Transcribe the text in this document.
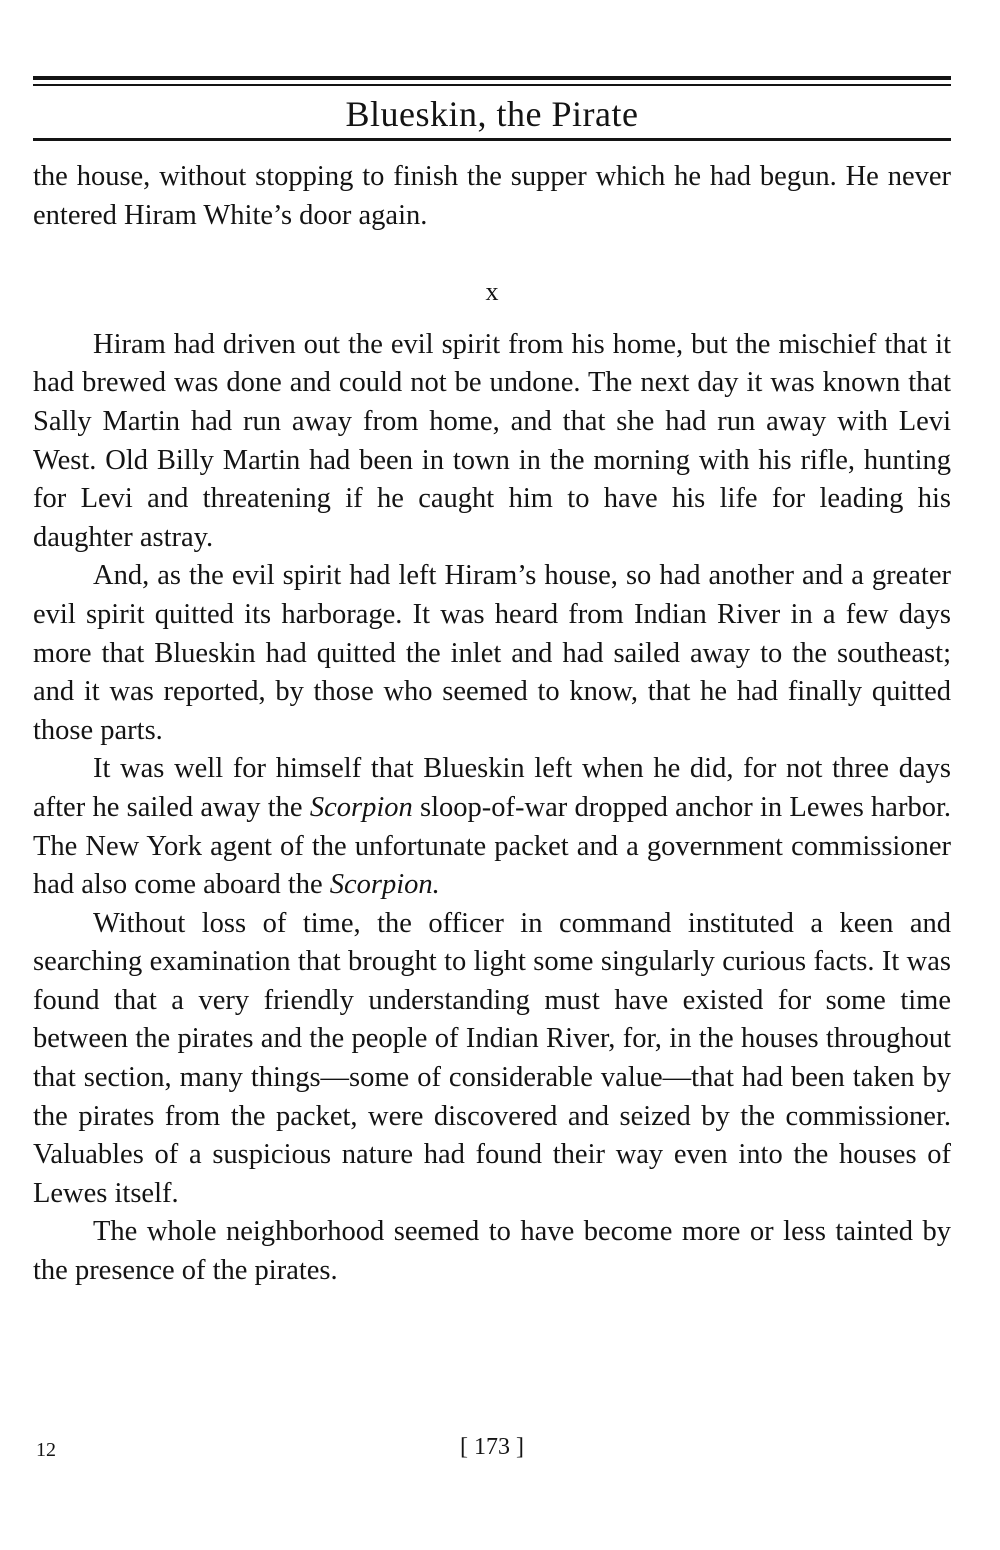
Blueskin, the Pirate

the house, without stopping to finish the supper which he had begun. He never entered Hiram White’s door again.

x

Hiram had driven out the evil spirit from his home, but the mischief that it had brewed was done and could not be undone. The next day it was known that Sally Martin had run away from home, and that she had run away with Levi West. Old Billy Martin had been in town in the morning with his rifle, hunting for Levi and threatening if he caught him to have his life for leading his daughter astray.

And, as the evil spirit had left Hiram’s house, so had another and a greater evil spirit quitted its harborage. It was heard from Indian River in a few days more that Blueskin had quitted the inlet and had sailed away to the southeast; and it was reported, by those who seemed to know, that he had finally quitted those parts.

It was well for himself that Blueskin left when he did, for not three days after he sailed away the Scorpion sloop-of-war dropped anchor in Lewes harbor. The New York agent of the unfortunate packet and a government commissioner had also come aboard the Scorpion.

Without loss of time, the officer in command instituted a keen and searching examination that brought to light some singularly curious facts. It was found that a very friendly understanding must have existed for some time between the pirates and the people of Indian River, for, in the houses throughout that section, many things—some of considerable value—that had been taken by the pirates from the packet, were discovered and seized by the commissioner. Valuables of a suspicious nature had found their way even into the houses of Lewes itself.

The whole neighborhood seemed to have become more or less tainted by the presence of the pirates.

12	[ 173 ]
